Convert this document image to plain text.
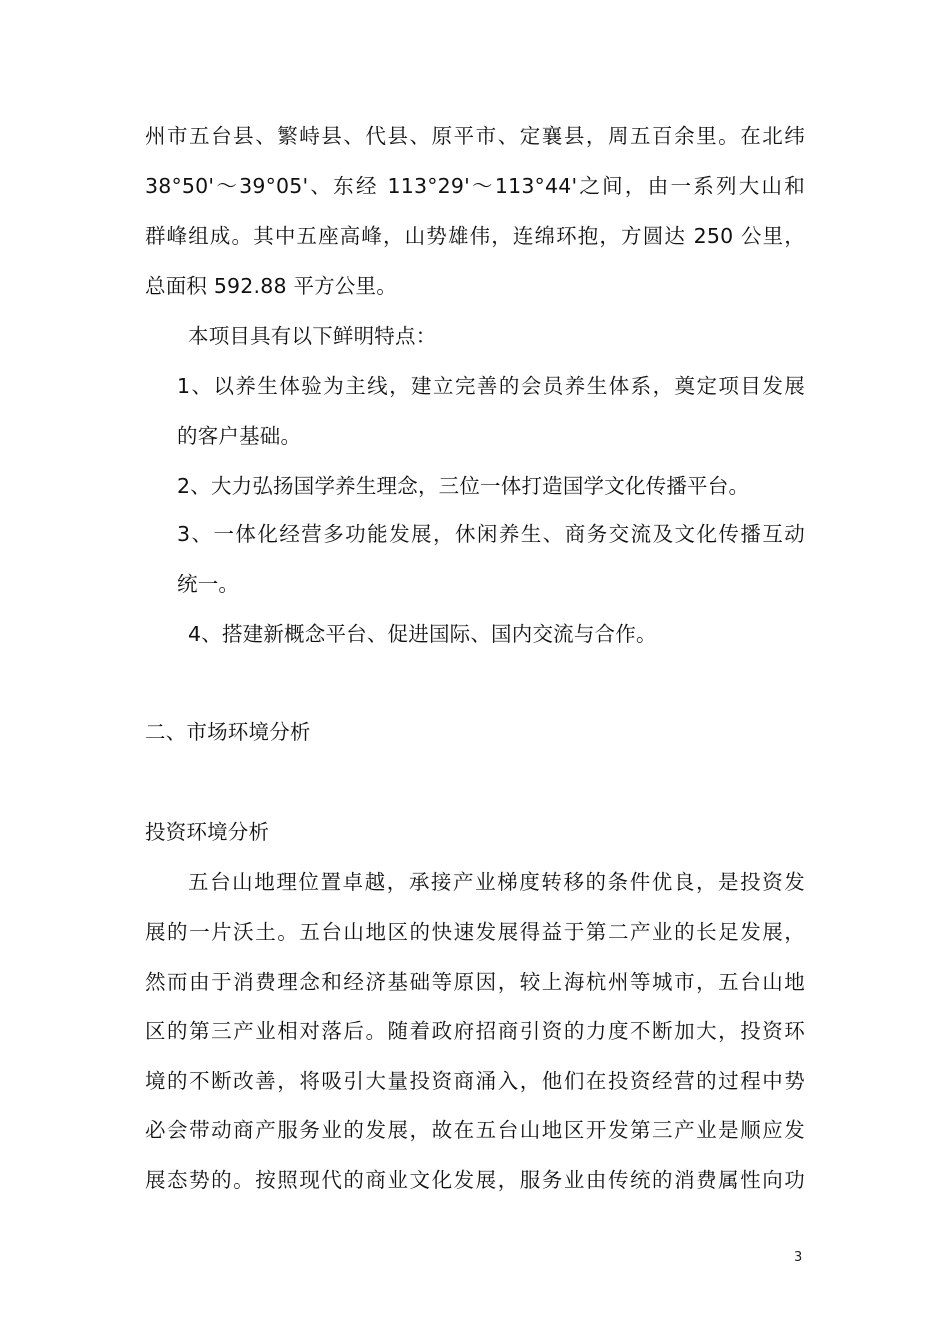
州市五台县、繁峙县、代县、原平市、定襄县，周五百余里。在北纬
38°50'～39°05'、东经 113°29'～113°44'之间，由一系列大山和
群峰组成。其中五座高峰，山势雄伟，连绵环抱，方圆达 250 公里，
总面积 592.88 平方公里。
本项目具有以下鲜明特点：
1、以养生体验为主线，建立完善的会员养生体系，奠定项目发展
的客户基础。
2、大力弘扬国学养生理念，三位一体打造国学文化传播平台。
3、一体化经营多功能发展，休闲养生、商务交流及文化传播互动
统一。
4、搭建新概念平台、促进国际、国内交流与合作。
二、市场环境分析
投资环境分析
五台山地理位置卓越，承接产业梯度转移的条件优良，是投资发
展的一片沃土。五台山地区的快速发展得益于第二产业的长足发展，
然而由于消费理念和经济基础等原因，较上海杭州等城市，五台山地
区的第三产业相对落后。随着政府招商引资的力度不断加大，投资环
境的不断改善，将吸引大量投资商涌入，他们在投资经营的过程中势
必会带动商产服务业的发展，故在五台山地区开发第三产业是顺应发
展态势的。按照现代的商业文化发展，服务业由传统的消费属性向功
3
